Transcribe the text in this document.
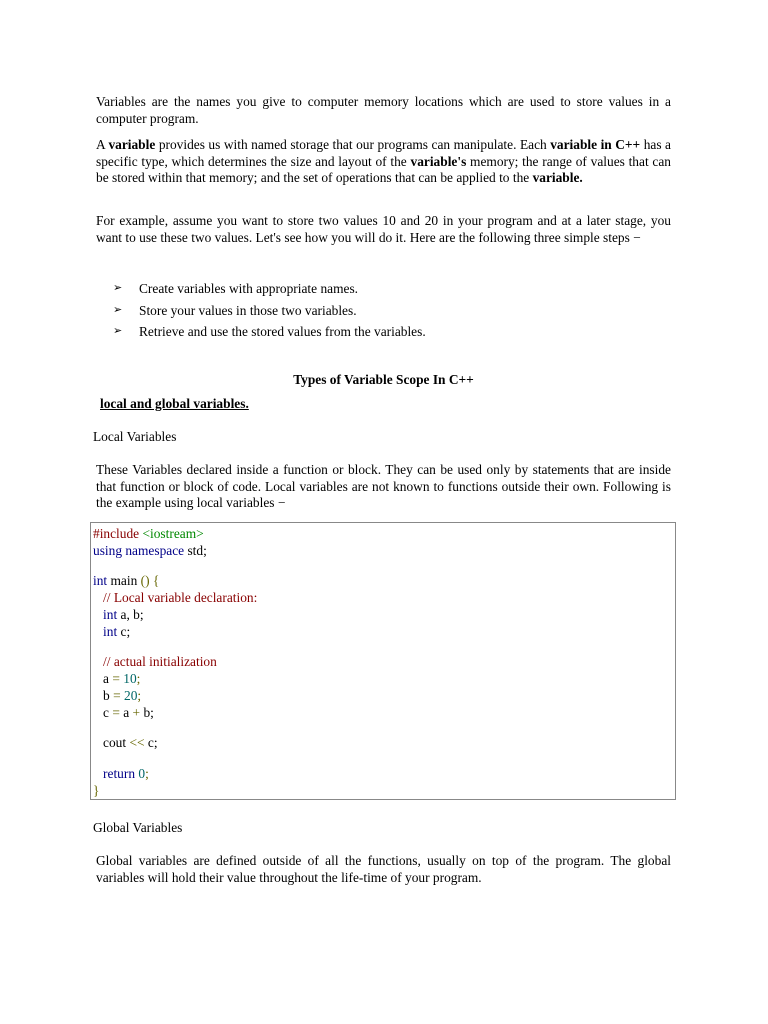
Variables are the names you give to computer memory locations which are used to store values in a computer program.

A variable provides us with named storage that our programs can manipulate. Each variable in C++ has a specific type, which determines the size and layout of the variable's memory; the range of values that can be stored within that memory; and the set of operations that can be applied to the variable.

For example, assume you want to store two values 10 and 20 in your program and at a later stage, you want to use these two values. Let's see how you will do it. Here are the following three simple steps −

➢ Create variables with appropriate names.
➢ Store your values in those two variables.
➢ Retrieve and use the stored values from the variables.

Types of Variable Scope In C++

local and global variables.

Local Variables

These Variables declared inside a function or block. They can be used only by statements that are inside that function or block of code. Local variables are not known to functions outside their own. Following is the example using local variables −

#include <iostream>
using namespace std;
int main () {
// Local variable declaration:
int a, b;
int c;
// actual initialization
a = 10;
b = 20;
c = a + b;
cout << c;
return 0;
}

Global Variables

Global variables are defined outside of all the functions, usually on top of the program. The global variables will hold their value throughout the life-time of your program.
